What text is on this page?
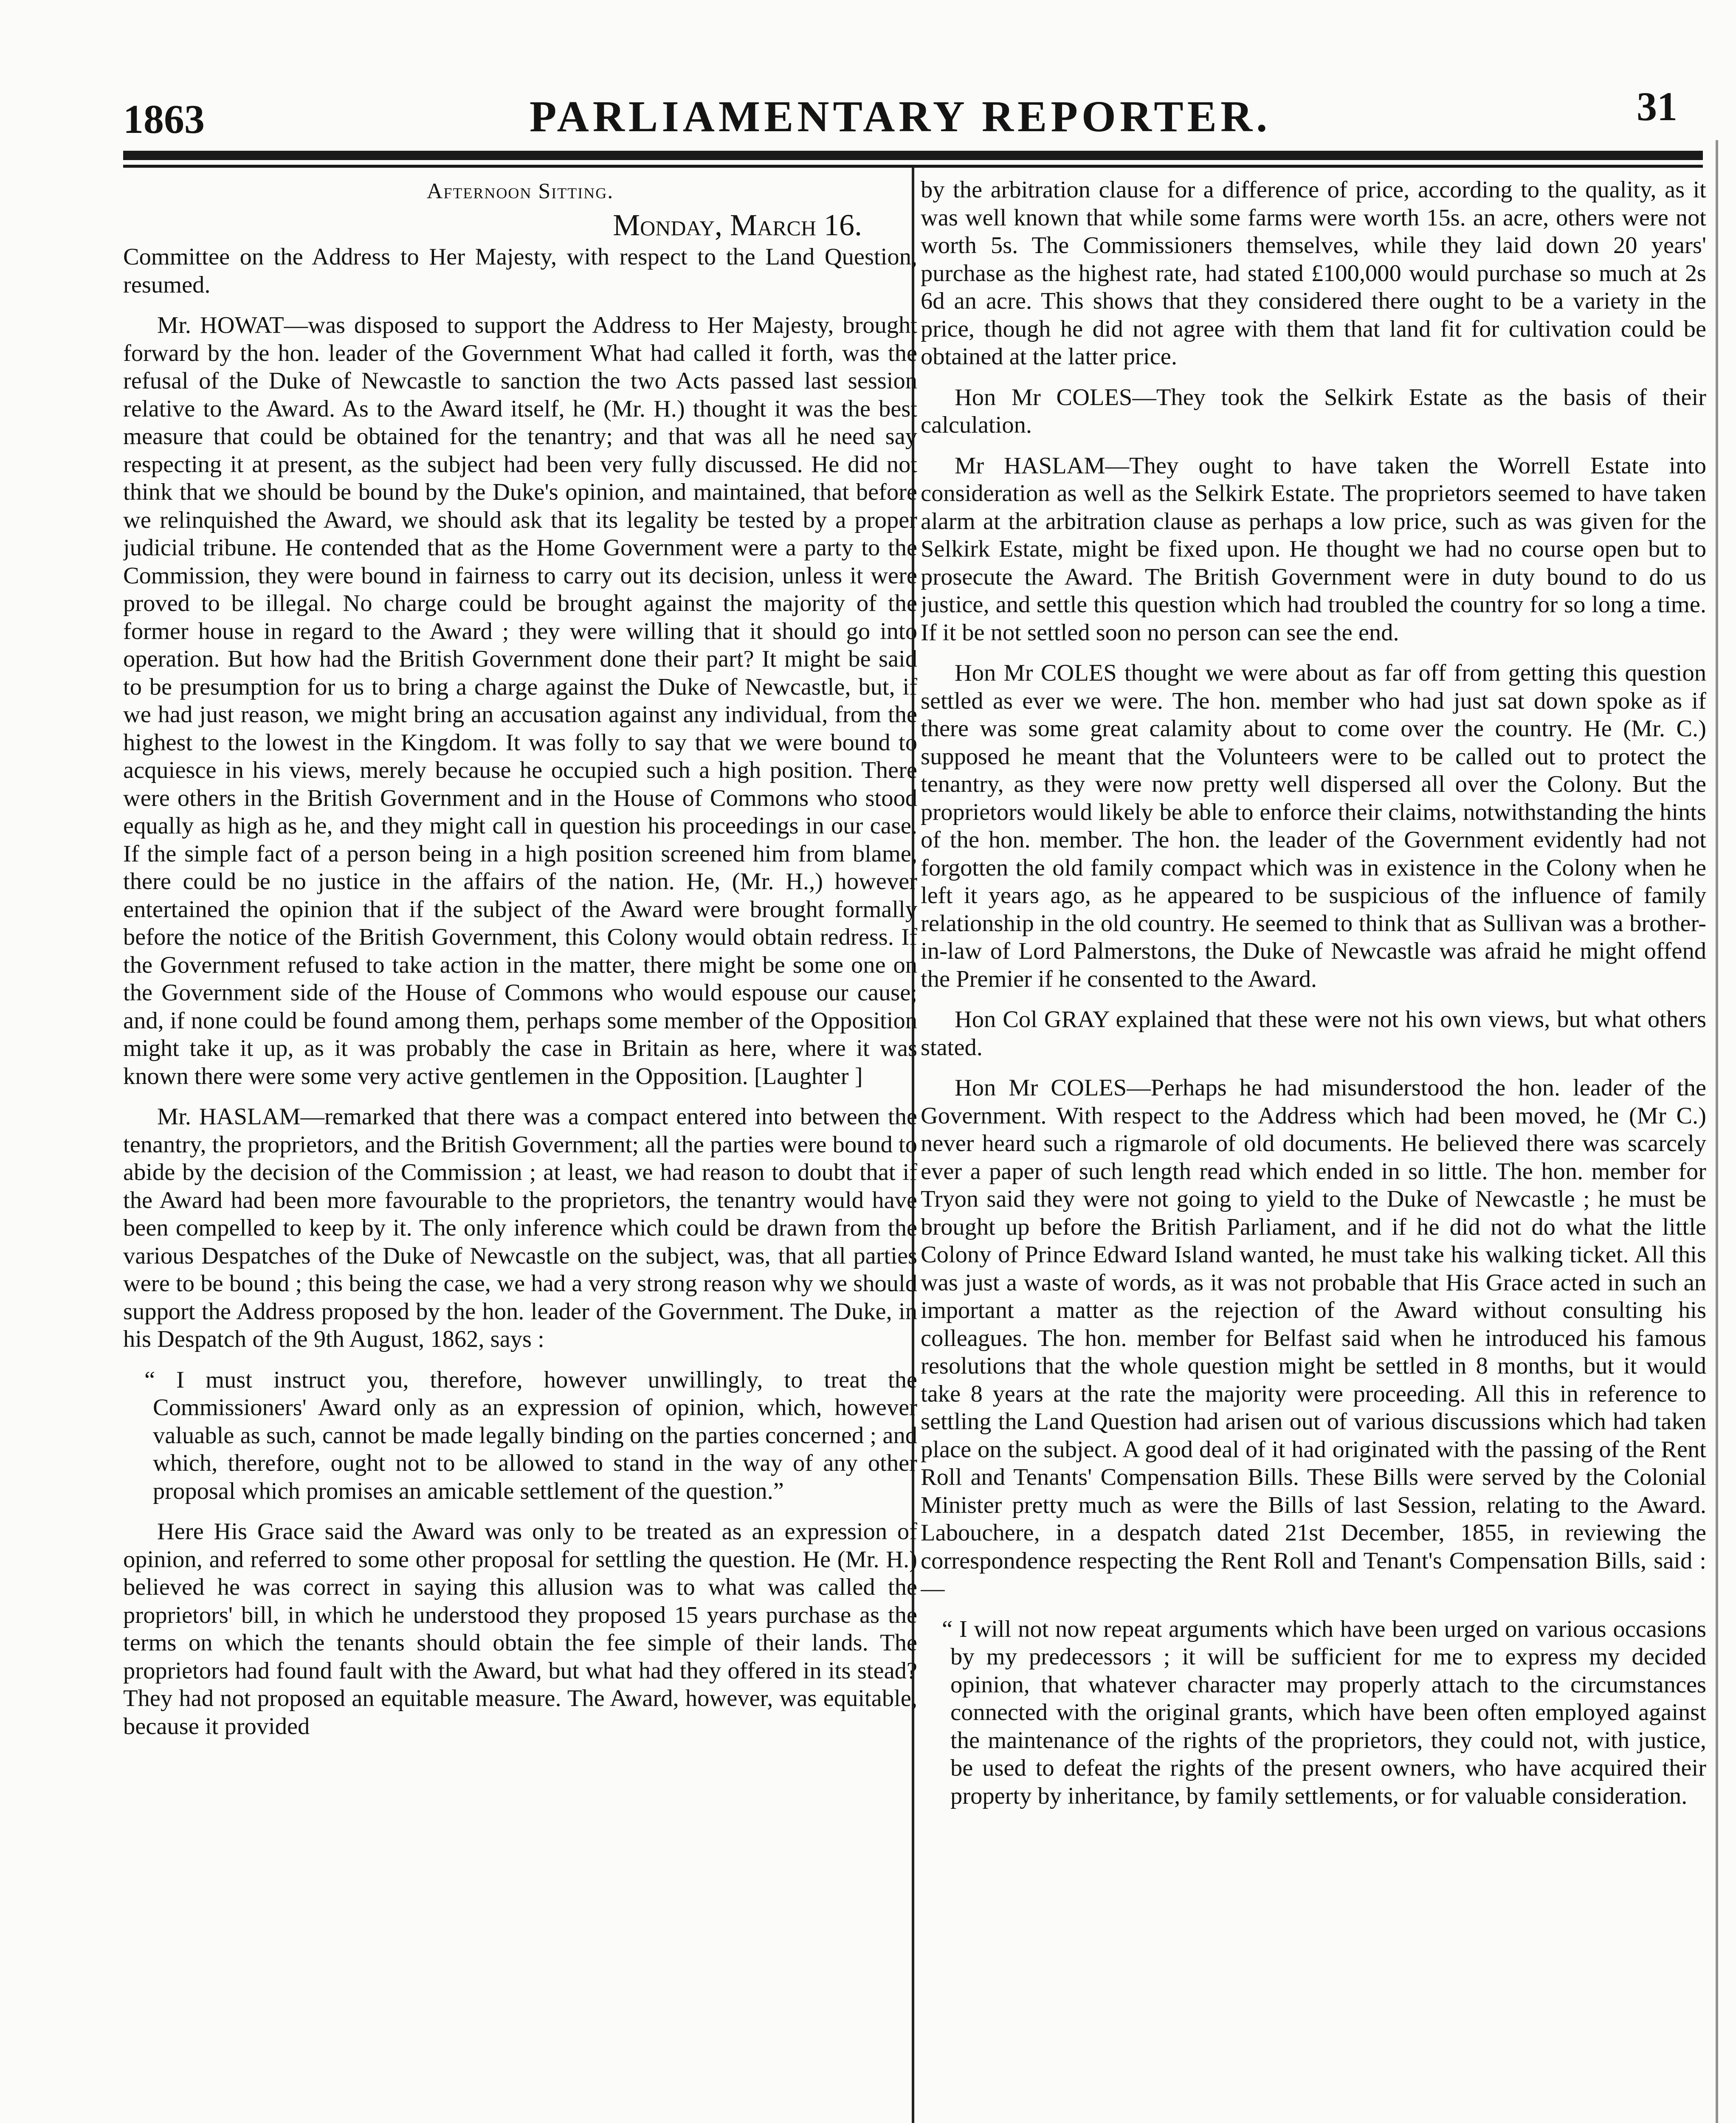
1863	PARLIAMENTARY REPORTER.	31
Afternoon Sitting.
Monday, March 16.

Committee on the Address to Her Majesty, with respect to the Land Question, resumed.

Mr. HOWAT—was disposed to support the Address to Her Majesty, brought forward by the hon. leader of the Government What had called it forth, was the refusal of the Duke of Newcastle to sanction the two Acts passed last session relative to the Award. As to the Award itself, he (Mr. H.) thought it was the best measure that could be obtained for the tenantry; and that was all he need say respecting it at present, as the subject had been very fully discussed. He did not think that we should be bound by the Duke's opinion, and maintained, that before we relinquished the Award, we should ask that its legality be tested by a proper judicial tribune. He contended that as the Home Government were a party to the Commission, they were bound in fairness to carry out its decision, unless it were proved to be illegal. No charge could be brought against the majority of the former house in regard to the Award ; they were willing that it should go into operation. But how had the British Government done their part? It might be said to be presumption for us to bring a charge against the Duke of Newcastle, but, if we had just reason, we might bring an accusation against any individual, from the highest to the lowest in the Kingdom. It was folly to say that we were bound to acquiesce in his views, merely because he occupied such a high position. There were others in the British Government and in the House of Commons who stood equally as high as he, and they might call in question his proceedings in our case. If the simple fact of a person being in a high position screened him from blame, there could be no justice in the affairs of the nation. He, (Mr. H.,) however entertained the opinion that if the subject of the Award were brought formally before the notice of the British Government, this Colony would obtain redress. If the Government refused to take action in the matter, there might be some one on the Government side of the House of Commons who would espouse our cause; and, if none could be found among them, perhaps some member of the Opposition might take it up, as it was probably the case in Britain as here, where it was known there were some very active gentlemen in the Opposition. [Laughter ]

Mr. HASLAM—remarked that there was a compact entered into between the tenantry, the proprietors, and the British Government; all the parties were bound to abide by the decision of the Commission ; at least, we had reason to doubt that if the Award had been more favourable to the proprietors, the tenantry would have been compelled to keep by it. The only inference which could be drawn from the various Despatches of the Duke of Newcastle on the subject, was, that all parties were to be bound ; this being the case, we had a very strong reason why we should support the Address proposed by the hon. leader of the Government. The Duke, in his Despatch of the 9th August, 1862, says :

“ I must instruct you, therefore, however unwillingly, to treat the Commissioners' Award only as an expression of opinion, which, however valuable as such, cannot be made legally binding on the parties concerned ; and which, therefore, ought not to be allowed to stand in the way of any other proposal which promises an amicable settlement of the question.”

Here His Grace said the Award was only to be treated as an expression of opinion, and referred to some other proposal for settling the question. He (Mr. H.) believed he was correct in saying this allusion was to what was called the proprietors' bill, in which he understood they proposed 15 years purchase as the terms on which the tenants should obtain the fee simple of their lands. The proprietors had found fault with the Award, but what had they offered in its stead? They had not proposed an equitable measure. The Award, however, was equitable, because it provided

by the arbitration clause for a difference of price, according to the quality, as it was well known that while some farms were worth 15s. an acre, others were not worth 5s. The Commissioners themselves, while they laid down 20 years' purchase as the highest rate, had stated £100,000 would purchase so much at 2s 6d an acre. This shows that they considered there ought to be a variety in the price, though he did not agree with them that land fit for cultivation could be obtained at the latter price.

Hon Mr COLES—They took the Selkirk Estate as the basis of their calculation.

Mr HASLAM—They ought to have taken the Worrell Estate into consideration as well as the Selkirk Estate. The proprietors seemed to have taken alarm at the arbitration clause as perhaps a low price, such as was given for the Selkirk Estate, might be fixed upon. He thought we had no course open but to prosecute the Award. The British Government were in duty bound to do us justice, and settle this question which had troubled the country for so long a time. If it be not settled soon no person can see the end.

Hon Mr COLES thought we were about as far off from getting this question settled as ever we were. The hon. member who had just sat down spoke as if there was some great calamity about to come over the country. He (Mr. C.) supposed he meant that the Volunteers were to be called out to protect the tenantry, as they were now pretty well dispersed all over the Colony. But the proprietors would likely be able to enforce their claims, notwithstanding the hints of the hon. member. The hon. the leader of the Government evidently had not forgotten the old family compact which was in existence in the Colony when he left it years ago, as he appeared to be suspicious of the influence of family relationship in the old country. He seemed to think that as Sullivan was a brother-in-law of Lord Palmerstons, the Duke of Newcastle was afraid he might offend the Premier if he consented to the Award.

Hon Col GRAY explained that these were not his own views, but what others stated.

Hon Mr COLES—Perhaps he had misunderstood the hon. leader of the Government. With respect to the Address which had been moved, he (Mr C.) never heard such a rigmarole of old documents. He believed there was scarcely ever a paper of such length read which ended in so little. The hon. member for Tryon said they were not going to yield to the Duke of Newcastle ; he must be brought up before the British Parliament, and if he did not do what the little Colony of Prince Edward Island wanted, he must take his walking ticket. All this was just a waste of words, as it was not probable that His Grace acted in such an important a matter as the rejection of the Award without consulting his colleagues. The hon. member for Belfast said when he introduced his famous resolutions that the whole question might be settled in 8 months, but it would take 8 years at the rate the majority were proceeding. All this in reference to settling the Land Question had arisen out of various discussions which had taken place on the subject. A good deal of it had originated with the passing of the Rent Roll and Tenants' Compensation Bills. These Bills were served by the Colonial Minister pretty much as were the Bills of last Session, relating to the Award. Labouchere, in a despatch dated 21st December, 1855, in reviewing the correspondence respecting the Rent Roll and Tenant's Compensation Bills, said :—

“ I will not now repeat arguments which have been urged on various occasions by my predecessors ; it will be sufficient for me to express my decided opinion, that whatever character may properly attach to the circumstances connected with the original grants, which have been often employed against the maintenance of the rights of the proprietors, they could not, with justice, be used to defeat the rights of the present owners, who have acquired their property by inheritance, by family settlements, or for valuable consideration.
